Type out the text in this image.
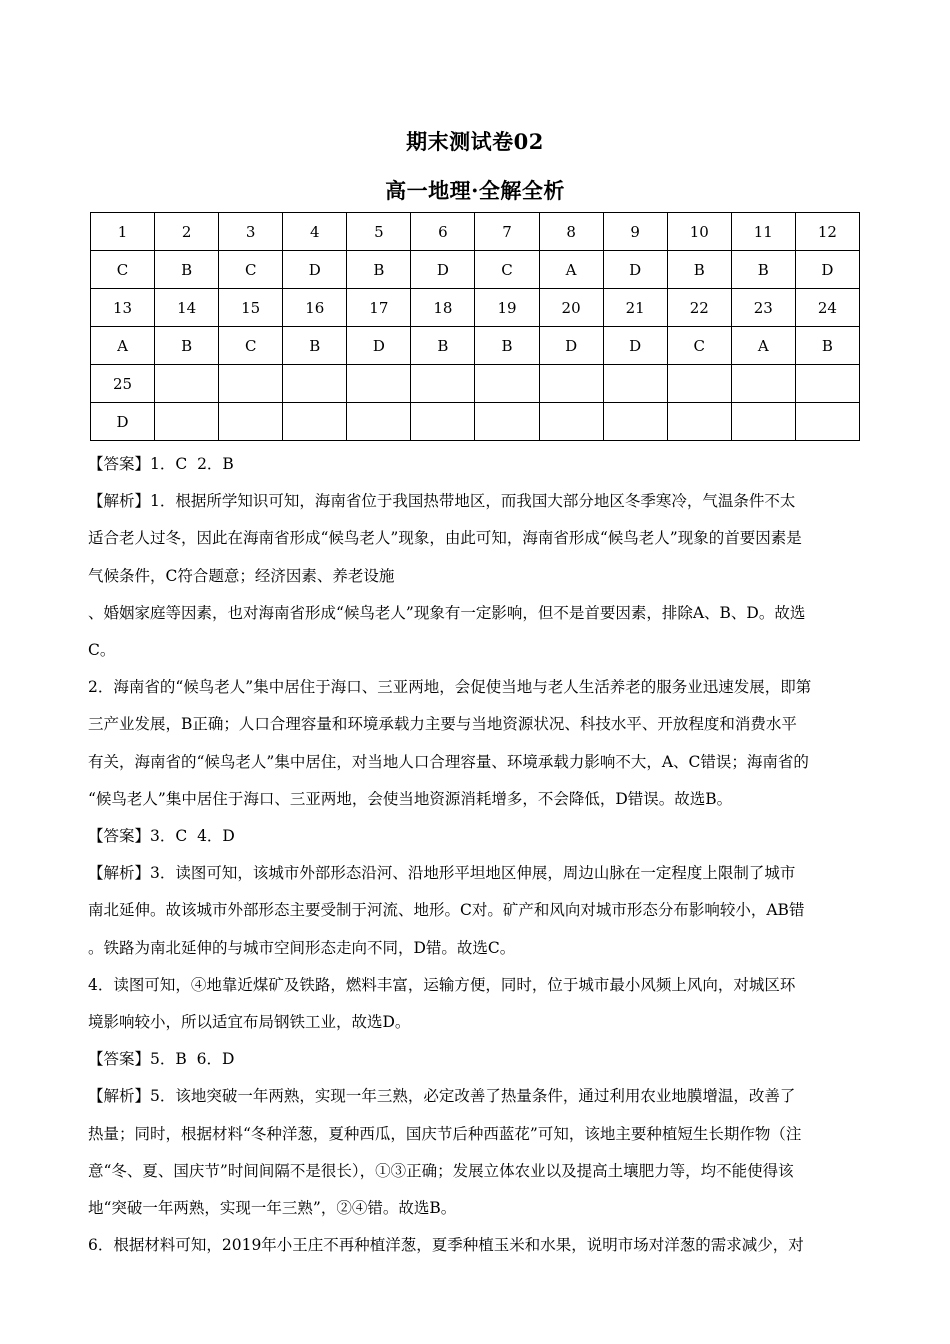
期末测试卷02
高一地理·全解全析
1	2	3	4	5	6	7	8	9	10	11	12
C	B	C	D	B	D	C	A	D	B	B	D
13	14	15	16	17	18	19	20	21	22	23	24
A	B	C	B	D	B	B	D	D	C	A	B
25											
D											

【答案】1．C  2．B

【解析】1．根据所学知识可知，海南省位于我国热带地区，而我国大部分地区冬季寒冷，气温条件不太

适合老人过冬，因此在海南省形成“候鸟老人”现象，由此可知，海南省形成“候鸟老人”现象的首要因素是

气候条件，C符合题意；经济因素、养老设施

、婚姻家庭等因素，也对海南省形成“候鸟老人”现象有一定影响，但不是首要因素，排除A、B、D。故选

C。

2．海南省的“候鸟老人”集中居住于海口、三亚两地，会促使当地与老人生活养老的服务业迅速发展，即第

三产业发展，B正确；人口合理容量和环境承载力主要与当地资源状况、科技水平、开放程度和消费水平

有关，海南省的“候鸟老人”集中居住，对当地人口合理容量、环境承载力影响不大，A、C错误；海南省的

“候鸟老人”集中居住于海口、三亚两地，会使当地资源消耗增多，不会降低，D错误。故选B。

【答案】3．C  4．D

【解析】3．读图可知，该城市外部形态沿河、沿地形平坦地区伸展，周边山脉在一定程度上限制了城市

南北延伸。故该城市外部形态主要受制于河流、地形。C对。矿产和风向对城市形态分布影响较小，AB错

。铁路为南北延伸的与城市空间形态走向不同，D错。故选C。

4．读图可知，④地靠近煤矿及铁路，燃料丰富，运输方便，同时，位于城市最小风频上风向，对城区环

境影响较小，所以适宜布局钢铁工业，故选D。

【答案】5．B  6．D

【解析】5．该地突破一年两熟，实现一年三熟，必定改善了热量条件，通过利用农业地膜增温，改善了

热量；同时，根据材料“冬种洋葱，夏种西瓜，国庆节后种西蓝花”可知，该地主要种植短生长期作物（注

意“冬、夏、国庆节”时间间隔不是很长），①③正确；发展立体农业以及提高土壤肥力等，均不能使得该

地“突破一年两熟，实现一年三熟”，②④错。故选B。

6．根据材料可知，2019年小王庄不再种植洋葱，夏季种植玉米和水果，说明市场对洋葱的需求减少，对
